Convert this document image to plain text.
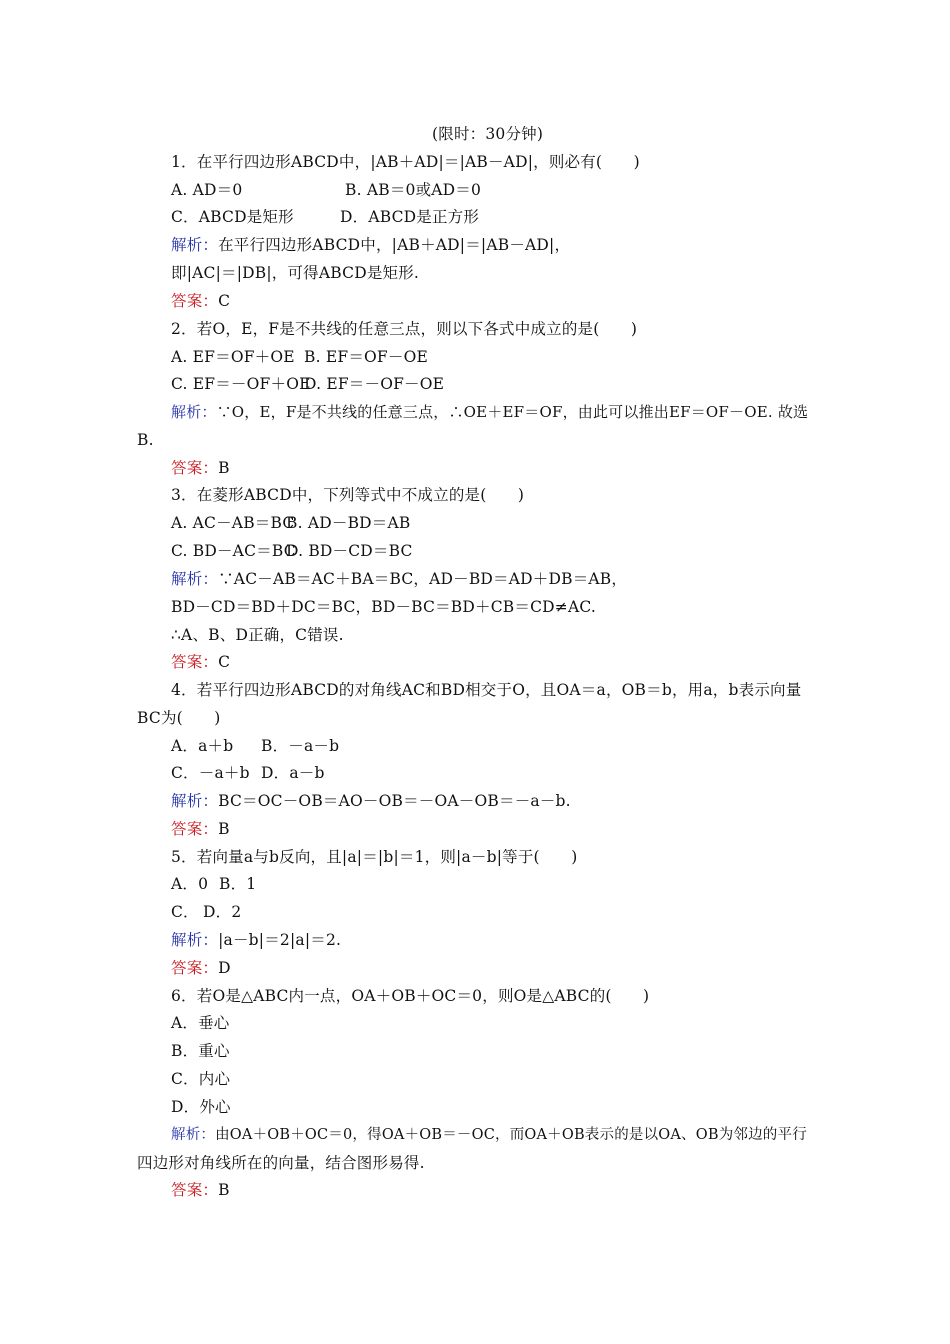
(限时：30分钟)
1．在平行四边形ABCD中，|AB＋AD|＝|AB－AD|，则必有(　　)
A. AD＝0	B. AB＝0或AD＝0
C．ABCD是矩形	D．ABCD是正方形
解析：在平行四边形ABCD中，|AB＋AD|＝|AB－AD|，
即|AC|＝|DB|，可得ABCD是矩形.
答案：C
2．若O，E，F是不共线的任意三点，则以下各式中成立的是(　　)
A. EF＝OF＋OE B. EF＝OF－OE
C. EF＝－OF＋OE
D. EF＝－OF－OE
解析：∵O，E，F是不共线的任意三点，∴OE＋EF＝OF，由此可以推出EF＝OF－OE. 故选
B.
答案：B
3．在菱形ABCD中，下列等式中不成立的是(　　)
A. AC－AB＝BC
B. AD－BD＝AB
C. BD－AC＝BC
D. BD－CD＝BC
解析：∵AC－AB＝AC＋BA＝BC，AD－BD＝AD＋DB＝AB，
BD－CD＝BD＋DC＝BC，BD－BC＝BD＋CB＝CD≠AC.
∴A、B、D正确，C错误.
答案：C
4．若平行四边形ABCD的对角线AC和BD相交于O，且OA＝a，OB＝b，用a，b表示向量
BC为(　　)
A．a＋b B．－a－b
C．－a＋b D．a－b
解析：BC＝OC－OB＝AO－OB＝－OA－OB＝－a－b.
答案：B
5．若向量a与b反向，且|a|＝|b|＝1，则|a－b|等于(　　)
A．0 B．1
C． D．2
解析：|a－b|＝2|a|＝2.
答案：D
6．若O是△ABC内一点，OA＋OB＋OC＝0，则O是△ABC的(　　)
A．垂心
B．重心
C．内心
D．外心
解析：由OA＋OB＋OC＝0，得OA＋OB＝－OC，而OA＋OB表示的是以OA、OB为邻边的平行
四边形对角线所在的向量，结合图形易得.
答案：B
